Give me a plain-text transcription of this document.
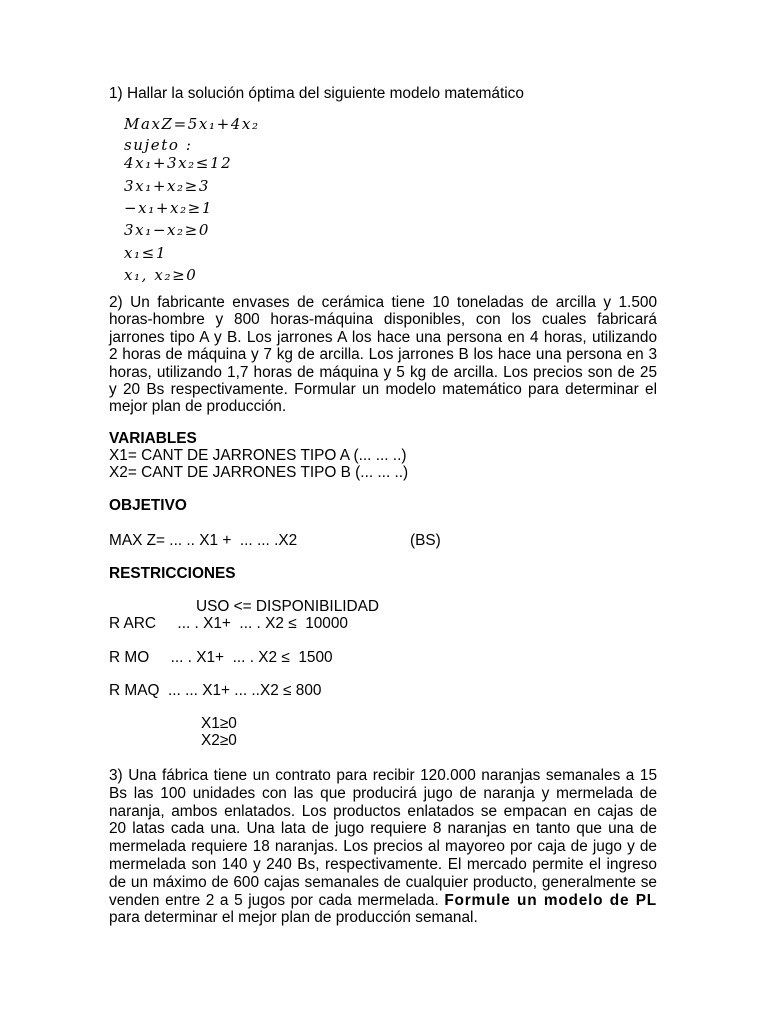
1) Hallar la solución óptima del siguiente modelo matemático
MaxZ=5x₁+4x₂
sujeto :
4x₁+3x₂≤12
3x₁+x₂≥3
−x₁+x₂≥1
3x₁−x₂≥0
x₁≤1
x₁, x₂≥0
2) Un fabricante envases de cerámica tiene 10 toneladas de arcilla y 1.500
horas-hombre y 800 horas-máquina disponibles, con los cuales fabricará
jarrones tipo A y B. Los jarrones A los hace una persona en 4 horas, utilizando
2 horas de máquina y 7 kg de arcilla. Los jarrones B los hace una persona en 3
horas, utilizando 1,7 horas de máquina y 5 kg de arcilla. Los precios son de 25
y 20 Bs respectivamente. Formular un modelo matemático para determinar el
mejor plan de producción.
VARIABLES
X1= CANT DE JARRONES TIPO A (... ... ..)
X2= CANT DE JARRONES TIPO B (... ... ..)
OBJETIVO
MAX Z= ... .. X1 +  ... ... .X2	(BS)
RESTRICCIONES
USO <= DISPONIBILIDAD
R ARC     ... . X1+  ... . X2 ≤  10000
R MO     ... . X1+  ... . X2 ≤  1500
R MAQ  ... ... X1+ ... ..X2 ≤ 800
X1≥0
X2≥0
3) Una fábrica tiene un contrato para recibir 120.000 naranjas semanales a 15
Bs las 100 unidades con las que producirá jugo de naranja y mermelada de
naranja, ambos enlatados. Los productos enlatados se empacan en cajas de
20 latas cada una. Una lata de jugo requiere 8 naranjas en tanto que una de
mermelada requiere 18 naranjas. Los precios al mayoreo por caja de jugo y de
mermelada son 140 y 240 Bs, respectivamente. El mercado permite el ingreso
de un máximo de 600 cajas semanales de cualquier producto, generalmente se
venden entre 2 a 5 jugos por cada mermelada. Formule un modelo de PL
para determinar el mejor plan de producción semanal.
